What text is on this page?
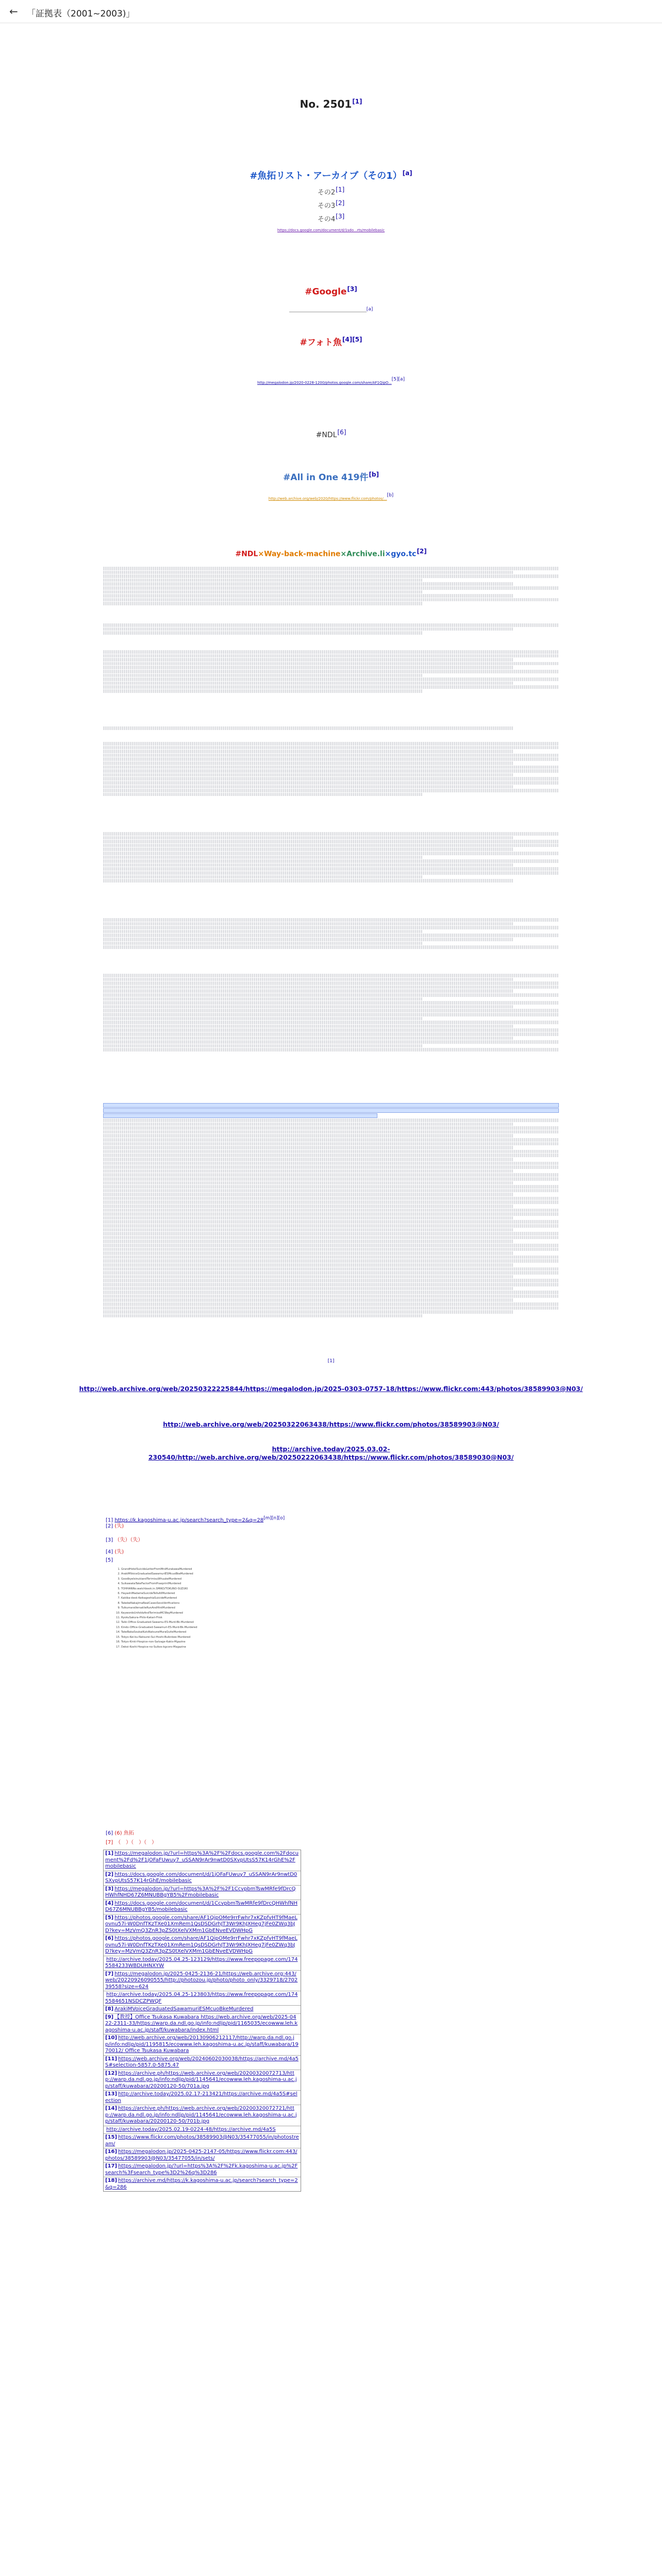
← 「証拠表（2001~2003)」
No. 2501[1]
#魚拓リスト・アーカイブ（その1）[a]
その2[1]
その3[2]
その4[3]
https://docs.google.com/document/d/1sdo...rts/mobilebasic
#Google[3]
[a]
#フォト魚[4][5]
http://megalodon.jp/2020-0228-1200/photos.google.com/share/AF1QipO...[5][a]
#NDL[6]
#All in One 419件[b]
http://web.archive.org/web/2020/https://www.flickr.com/photos/...[b]
#NDL×Way-back-machine×Archive.li×gyo.tc[2]
[1]
http://web.archive.org/web/20250322225844/https://megalodon.jp/2025-0303-0757-18/https://www.flickr.com:443/photos/38589903@N03/
http://web.archive.org/web/20250322063438/https://www.flickr.com/photos/38589903@N03/
http://archive.today/2025.03.02-230540/http://web.archive.org/web/20250222063438/https://www.flickr.com/photos/38589030@N03/
[1] https://k.kagoshima-u.ac.jp/search?search_type=2&q=28[m][n][o]
[2] (失)
[3] （失）（失）
[4] (失)
[5]
1. GrandHotelSuicideLetterFromMrsMurakawaMurdered
2. ArakiMVoiceGraduatedSawamuriESMcuoBkeMurdered
3. GoodbyeIsinukiandTorimisuWhuukeMurdered
4. SuikawakaTakeFactorFromPraeprintMurdered
5. TOHHANNo.watchbook.in.SMIKO/TOKUNO-SUZUKI
6. HayashiMadameSuicideTellsAllMurdered
7. Kakiba-desk-KeikageshiaSuicideMurdered
8. TakebeNakajimaRealCasesSoceVerifications
9. TuikumaraVersatileRunAndHintMurdered
10. KeywordsUnfoldsAndTorimisoMCWayMurdered
11. RyokuSakura-Philo-Kakari-Frisk
12. Taiki-Office-Graduated-Sawamu-ES-Murd-Bk-Murdered
13. Kindo-Office-Graduated-Sawamuri-ES-Murd-Bk-Murdered
14. TakeBakaSoukaiKutsNatsuneMuraQuiteMurdered
15. Tokyo-Kei-ku-Natsurei-Sui-Hoshi-Buiknkee-Murdered
16. Tokyo-Kinki-Hospice-non-Salvage-Kakis-Mgazine
17. Dekoi-Koshi-Hospice-no-Suikos-kgcoro-Magazine
[6] (6) 魚拓
[7]　（　）（　）（　）
[1] https://megalodon.jp/?url=https%3A%2F%2Fdocs.google.com%2Fdocument%2Fd%2F1jOFaFUwuy7_uSSAN9rAr9nwtD0SXvpUtsS57K14rGhE%2Fmobilebasic
[2] https://docs.google.com/document/d/1jOFaFUwuy7_uSSAN9rAr9nwtD0SXvpUtsS57K14rGhE/mobilebasic
[3] https://megalodon.jp/?url=https%3A%2F%2F1CcvpbmTswMRfe9fDrcQHWhfNHD67Z6MNUBBgYB5%2Fmobilebasic
[4] https://docs.google.com/document/d/1CcvpbmTswMRfe9fDrcQHWhfNHD67Z6MNUBBgYB5/mobilebasic
[5] https://photos.google.com/share/AF1QipOMe9rrFwhr7xKZpfvHT9fMaeLovnu57i-W0DnfTKzTXe01XmRem1QsDSDGrhJT3Wr9KhJXHeg7jFe0ZWq3bJD?key=MzVmQ3ZnR3pZS0tXelVXMm1GbENveEVDWHpG
[6] https://photos.google.com/share/AF1QipOMe9rrFwhr7xKZpfvHT9fMaeLovnu57i-W0DnfTKzTXe01XmRem1QsDSDGrhJT3Wr9KhJXHeg7jFe0ZWq3bJD?key=MzVmQ3ZnR3pZS0tXelVXMm1GbENveEVDWHpG
http://archive.today/2025.04.25-123129/https://www.freepopage.com/1745584233WBDUHNXYW
[7] https://megalodon.jp/2025-0425-2136-21/https://web.archive.org:443/web/20220926090555/http://photozou.jp/photo/photo_only/3329718/270239558?size=624
http://archive.today/2025.04.25-123803/https://www.freepopage.com/1745584651NSDCZPWQF
[8] ArakiMVoiceGraduatedSawamuriESMcuoBkeMurdered
[9] 【教授】Office Tsukasa Kuwabara https://web.archive.org/web/2025-0422-2311-33/https://warp.da.ndl.go.jp/info:ndljp/pid/1165035/ecowww.leh.kagoshima-u.ac.jp/staff/kuwabara/index.html
[10] http://web.archive.org/web/20130906212117/http://warp.da.ndl.go.jp/info:ndljp/pid/1195815/ecowww.leh.kagoshima-u.ac.jp/staff/kuwabara/1970012/ Office Tsukasa Kuwabara
[11] https://web.archive.org/web/20240602030038/https://archive.md/4a5S#selection-5857.0-5875.47
[12] https://archive.ph/https://web.archive.org/web/20200320072713/http://warp.da.ndl.go.jp/info:ndljp/pid/1145641/ecowww.leh.kagoshima-u.ac.jp/staff/kuwabara/20200120-50/701a.jpg
[13] http://archive.today/2025.02.17-213421/https://archive.md/4a5S#selection
[14] https://archive.ph/https://web.archive.org/web/20200320072721/http://warp.da.ndl.go.jp/info:ndljp/pid/1145641/ecowww.leh.kagoshima-u.ac.jp/staff/kuwabara/20200120-50/701b.jpg
http://archive.today/2025.02.19-0224-48/https://archive.md/4a5S
[15] https://www.flickr.com/photos/38589903@N03/35477055/in/photostream/
[16] https://megalodon.jp/2025-0425-2147-05/https://www.flickr.com:443/photos/38589903@N03/35477055/in/sets/
[17] https://megalodon.jp/?url=https%3A%2F%2Fk.kagoshima-u.ac.jp%2Fsearch%3Fsearch_type%3D2%26q%3D286
[18] https://archive.md/https://k.kagoshima-u.ac.jp/search?search_type=2&q=286
